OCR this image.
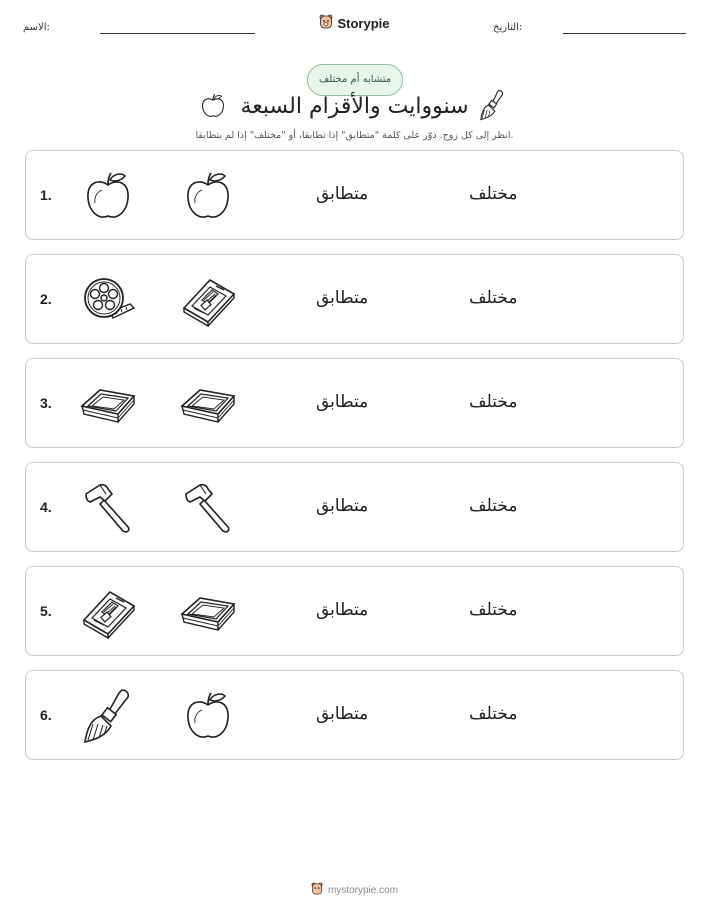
الاسم:	Storypie	التاريخ:
متشابه أم مختلف
سنووايت والأقزام السبعة
انظر إلى كل زوج. دوّر على كلمة "متطابق" إذا تطابقا، أو "مختلف" إذا لم يتطابقا.
1.	متطابق	مختلف
2.	متطابق	مختلف
3.	متطابق	مختلف
4.	متطابق	مختلف
5.	متطابق	مختلف
6.	متطابق	مختلف
mystorypie.com
